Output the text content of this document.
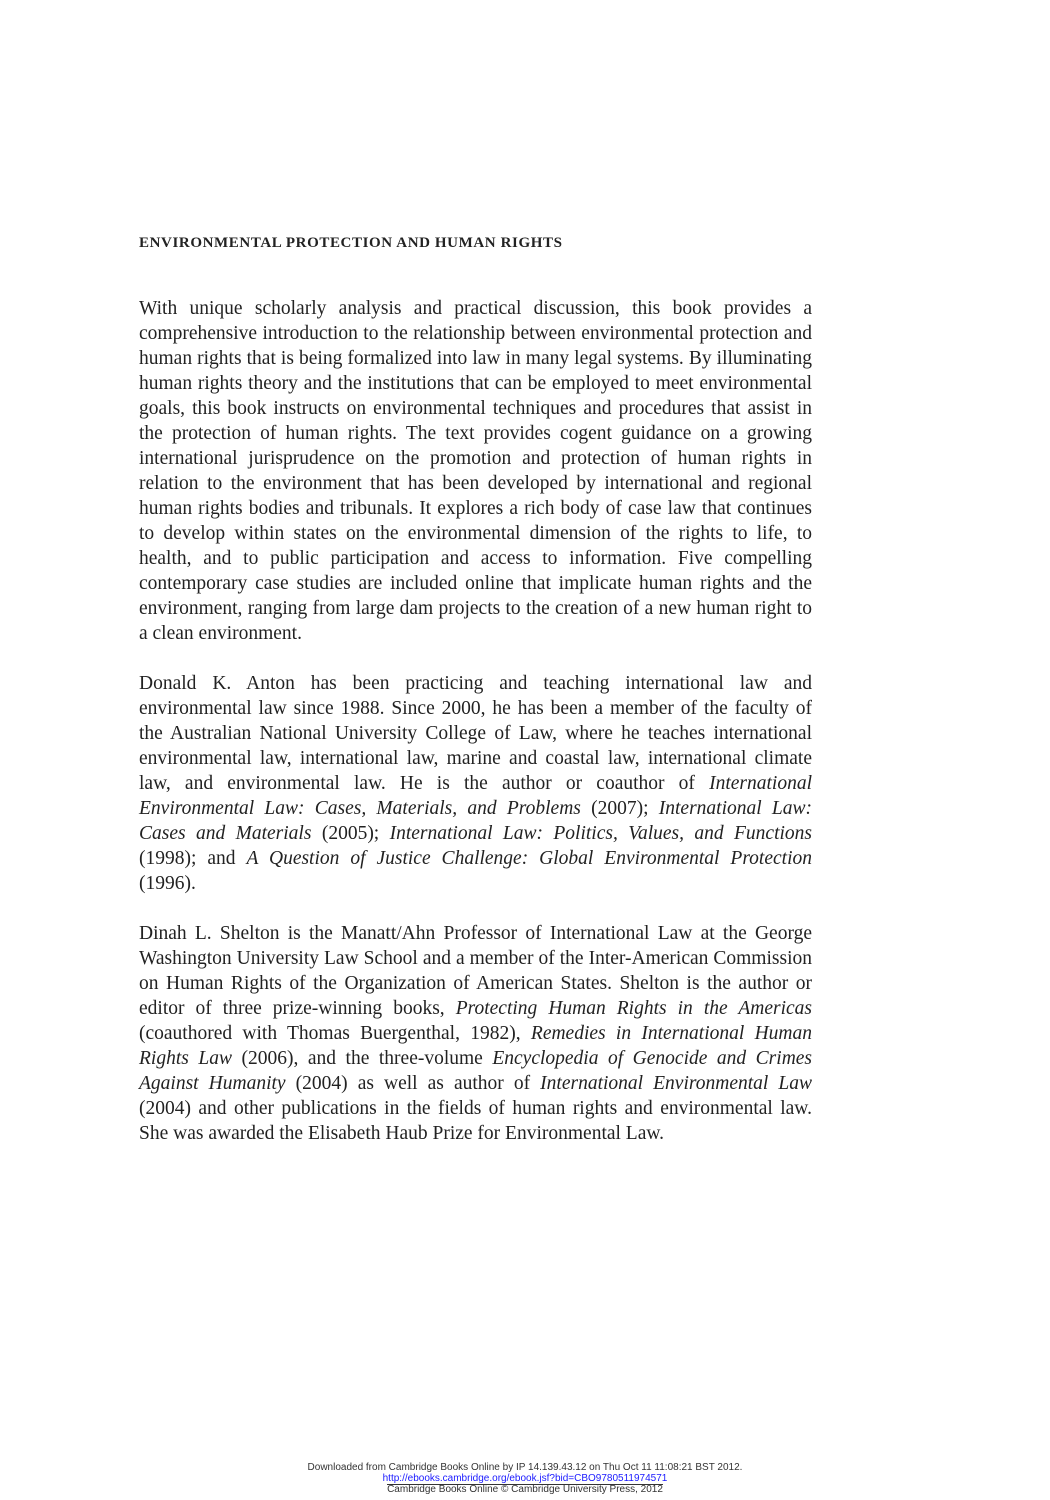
ENVIRONMENTAL PROTECTION AND HUMAN RIGHTS

With unique scholarly analysis and practical discussion, this book provides a comprehensive introduction to the relationship between environmental protection and human rights that is being formalized into law in many legal systems. By illuminating human rights theory and the institutions that can be employed to meet environmental goals, this book instructs on environmental techniques and procedures that assist in the protection of human rights. The text provides cogent guidance on a growing international jurisprudence on the promotion and protection of human rights in relation to the environment that has been developed by international and regional human rights bodies and tribunals. It explores a rich body of case law that continues to develop within states on the environmental dimension of the rights to life, to health, and to public participation and access to information. Five compelling contemporary case studies are included online that implicate human rights and the environment, ranging from large dam projects to the creation of a new human right to a clean environment.

Donald K. Anton has been practicing and teaching international law and environmental law since 1988. Since 2000, he has been a member of the faculty of the Australian National University College of Law, where he teaches international environmental law, international law, marine and coastal law, international climate law, and environmental law. He is the author or coauthor of International Environmental Law: Cases, Materials, and Problems (2007); International Law: Cases and Materials (2005); International Law: Politics, Values, and Functions (1998); and A Question of Justice Challenge: Global Environmental Protection (1996).

Dinah L. Shelton is the Manatt/Ahn Professor of International Law at the George Washington University Law School and a member of the Inter-American Commission on Human Rights of the Organization of American States. Shelton is the author or editor of three prize-winning books, Protecting Human Rights in the Americas (coauthored with Thomas Buergenthal, 1982), Remedies in International Human Rights Law (2006), and the three-volume Encyclopedia of Genocide and Crimes Against Humanity (2004) as well as author of International Environmental Law (2004) and other publications in the fields of human rights and environmental law. She was awarded the Elisabeth Haub Prize for Environmental Law.

Downloaded from Cambridge Books Online by IP 14.139.43.12 on Thu Oct 11 11:08:21 BST 2012.
http://ebooks.cambridge.org/ebook.jsf?bid=CBO9780511974571
Cambridge Books Online © Cambridge University Press, 2012
